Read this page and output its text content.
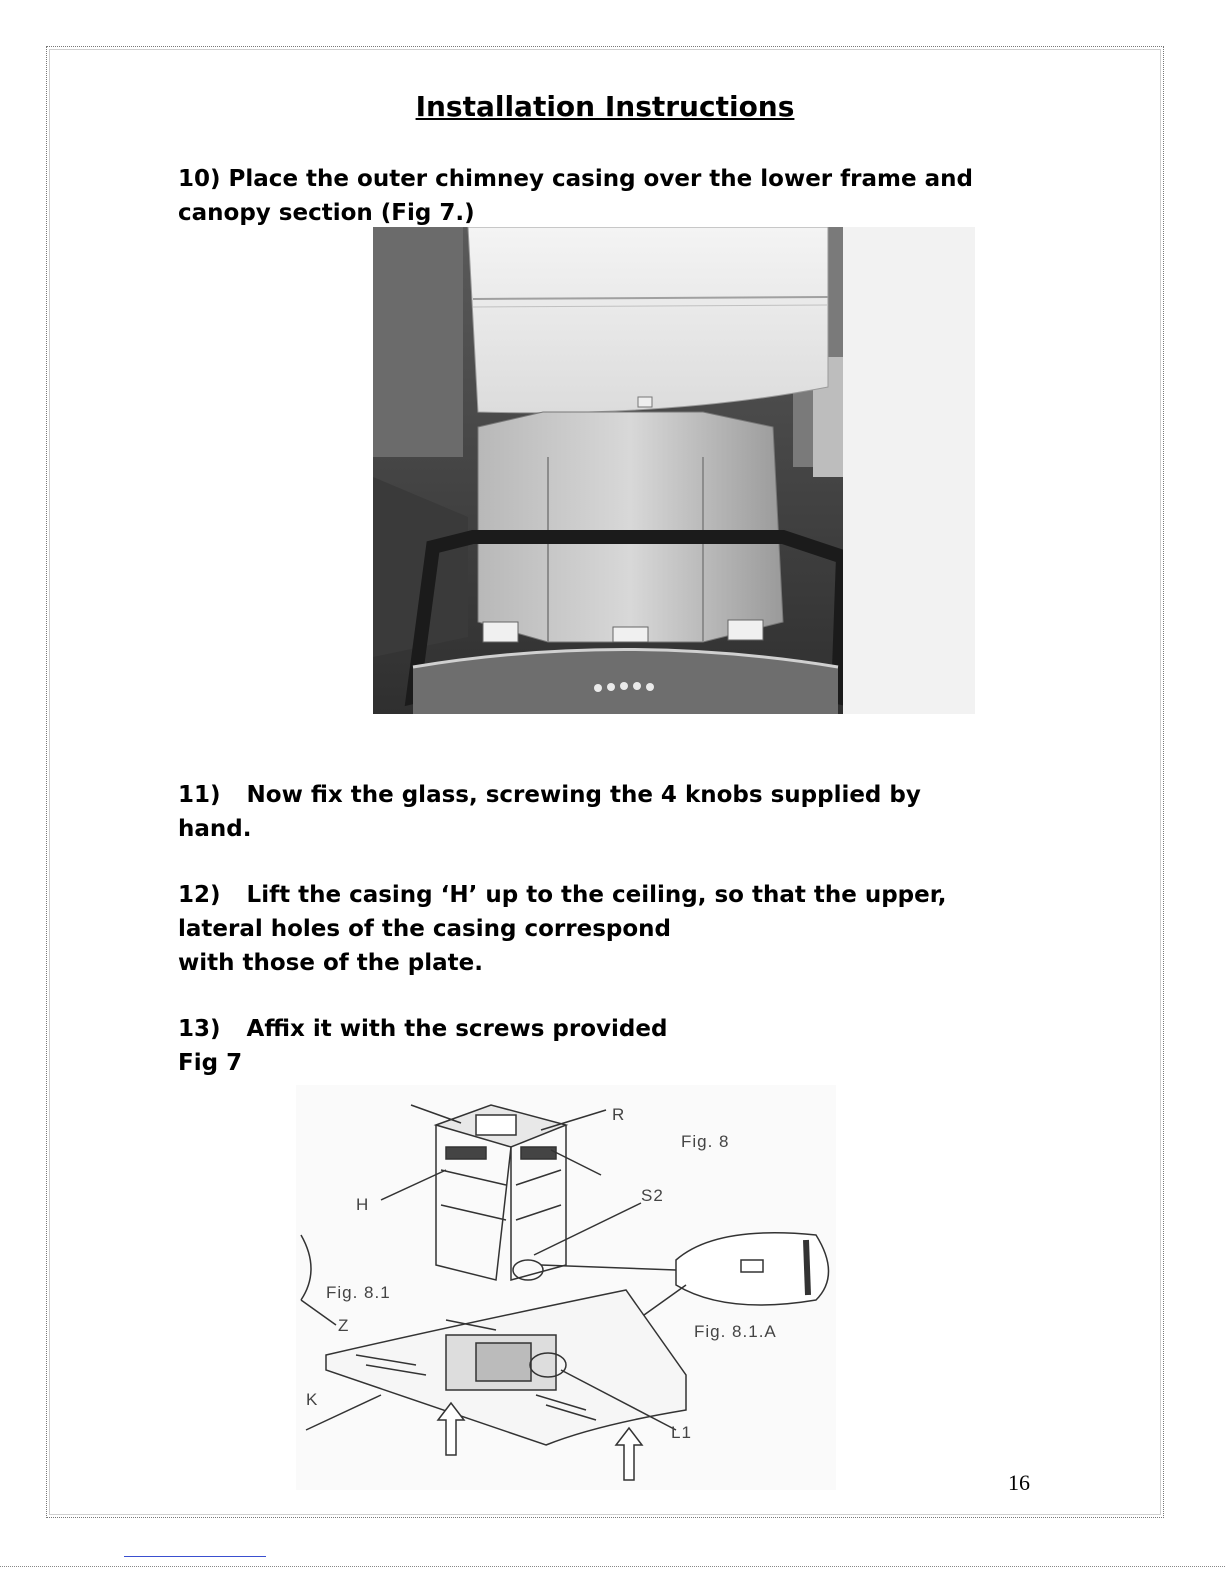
Installation Instructions
10) Place the outer chimney casing over the lower frame and
canopy section (Fig 7.)
11) Now fix the glass, screwing the 4 knobs supplied by
hand.
12) Lift the casing ‘H’ up to the ceiling, so that the upper,
lateral holes of the casing correspond
with those of the plate.
13) Affix it with the screws provided
Fig 7
R
Fig. 8
H	S2
Fig. 8.1
Z	Fig. 8.1.A
K
L1
16
